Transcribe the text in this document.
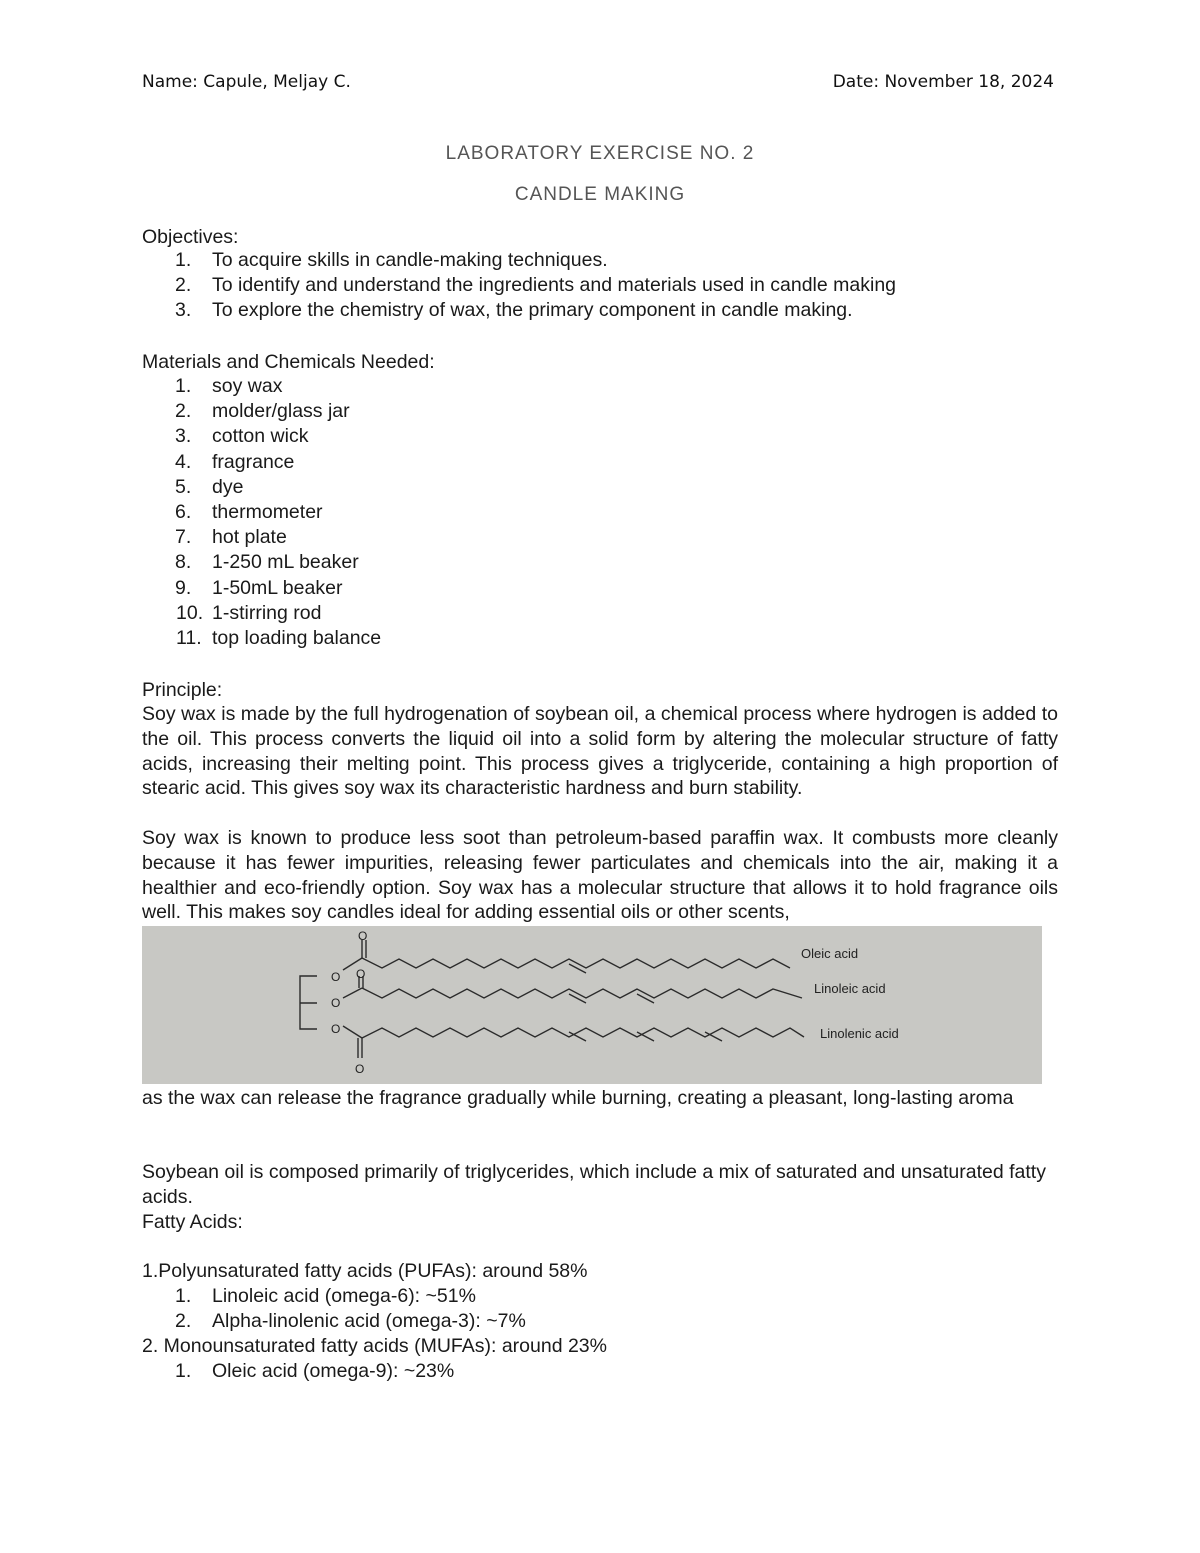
Name: Capule, Meljay C.	Date: November 18, 2024
LABORATORY EXERCISE NO. 2
CANDLE MAKING
Objectives:
1. To acquire skills in candle-making techniques.
2. To identify and understand the ingredients and materials used in candle making
3. To explore the chemistry of wax, the primary component in candle making.
Materials and Chemicals Needed:
1. soy wax
2. molder/glass jar
3. cotton wick
4. fragrance
5. dye
6. thermometer
7. hot plate
8. 1-250 mL beaker
9. 1-50mL beaker
10. 1-stirring rod
11. top loading balance
Principle:
Soy wax is made by the full hydrogenation of soybean oil, a chemical process where hydrogen is added to the oil. This process converts the liquid oil into a solid form by altering the molecular structure of fatty acids, increasing their melting point. This process gives a triglyceride, containing a high proportion of stearic acid. This gives soy wax its characteristic hardness and burn stability.
Soy wax is known to produce less soot than petroleum-based paraffin wax. It combusts more cleanly because it has fewer impurities, releasing fewer particulates and chemicals into the air, making it a healthier and eco-friendly option. Soy wax has a molecular structure that allows it to hold fragrance oils well. This makes soy candles ideal for adding essential oils or other scents,
O
O O
O
O
O
Oleic acid
Linoleic acid
Linolenic acid
as the wax can release the fragrance gradually while burning, creating a pleasant, long-lasting aroma
Soybean oil is composed primarily of triglycerides, which include a mix of saturated and unsaturated fatty acids.
Fatty Acids:
1.Polyunsaturated fatty acids (PUFAs): around 58%
1. Linoleic acid (omega-6): ~51%
2. Alpha-linolenic acid (omega-3): ~7%
2. Monounsaturated fatty acids (MUFAs): around 23%
1. Oleic acid (omega-9): ~23%
